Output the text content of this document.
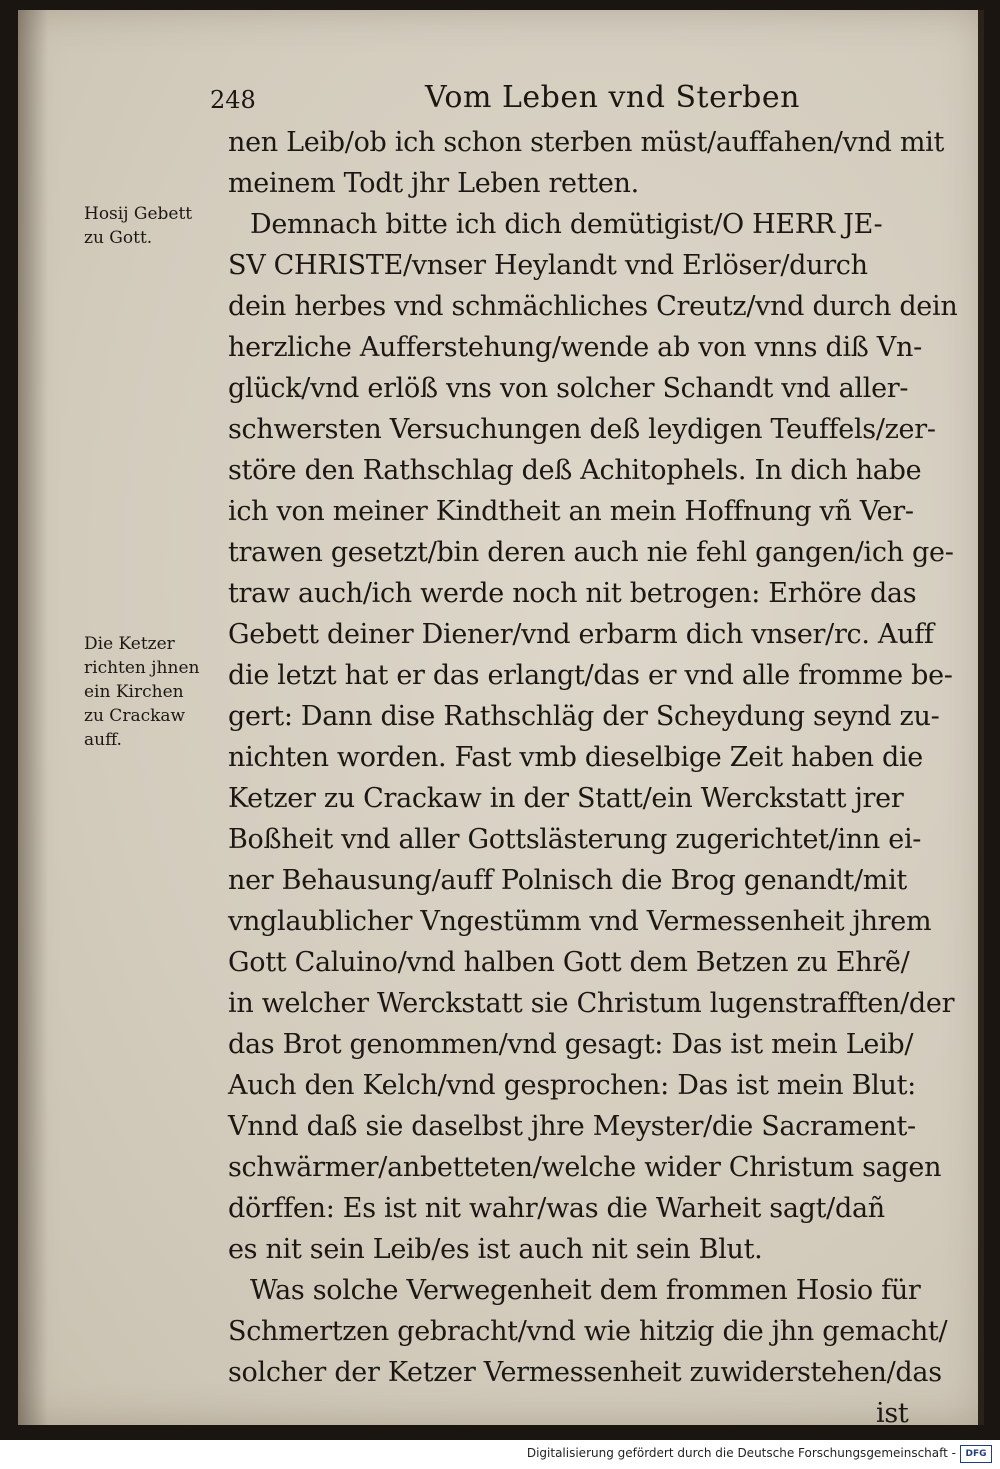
248	Vom Leben vnd Sterben
nen Leib/ob ich schon sterben müst/auffahen/vnd mit
meinem Todt jhr Leben retten.
Demnach bitte ich dich demütigist/O HERR JE-
SV CHRISTE/vnser Heylandt vnd Erlöser/durch
dein herbes vnd schmächliches Creutz/vnd durch dein
herzliche Aufferstehung/wende ab von vnns diß Vn-
glück/vnd erlöß vns von solcher Schandt vnd aller-
schwersten Versuchungen deß leydigen Teuffels/zer-
störe den Rathschlag deß Achitophels. In dich habe
ich von meiner Kindtheit an mein Hoffnung vñ Ver-
trawen gesetzt/bin deren auch nie fehl gangen/ich ge-
traw auch/ich werde noch nit betrogen: Erhöre das
Gebett deiner Diener/vnd erbarm dich vnser/rc. Auff
die letzt hat er das erlangt/das er vnd alle fromme be-
gert: Dann dise Rathschläg der Scheydung seynd zu-
nichten worden. Fast vmb dieselbige Zeit haben die
Ketzer zu Crackaw in der Statt/ein Werckstatt jrer
Boßheit vnd aller Gottslästerung zugerichtet/inn ei-
ner Behausung/auff Polnisch die Brog genandt/mit
vnglaublicher Vngestümm vnd Vermessenheit jhrem
Gott Caluino/vnd halben Gott dem Betzen zu Ehrẽ/
in welcher Werckstatt sie Christum lugenstrafften/der
das Brot genommen/vnd gesagt: Das ist mein Leib/
Auch den Kelch/vnd gesprochen: Das ist mein Blut:
Vnnd daß sie daselbst jhre Meyster/die Sacrament-
schwärmer/anbetteten/welche wider Christum sagen
dörffen: Es ist nit wahr/was die Warheit sagt/dañ
es nit sein Leib/es ist auch nit sein Blut.
Was solche Verwegenheit dem frommen Hosio für
Schmertzen gebracht/vnd wie hitzig die jhn gemacht/
solcher der Ketzer Vermessenheit zuwiderstehen/das
ist
Hosij Gebett
zu Gott.
Die Ketzer
richten jhnen
ein Kirchen
zu Crackaw
auff.
Digitalisierung gefördert durch die Deutsche Forschungsgemeinschaft -	DFG
